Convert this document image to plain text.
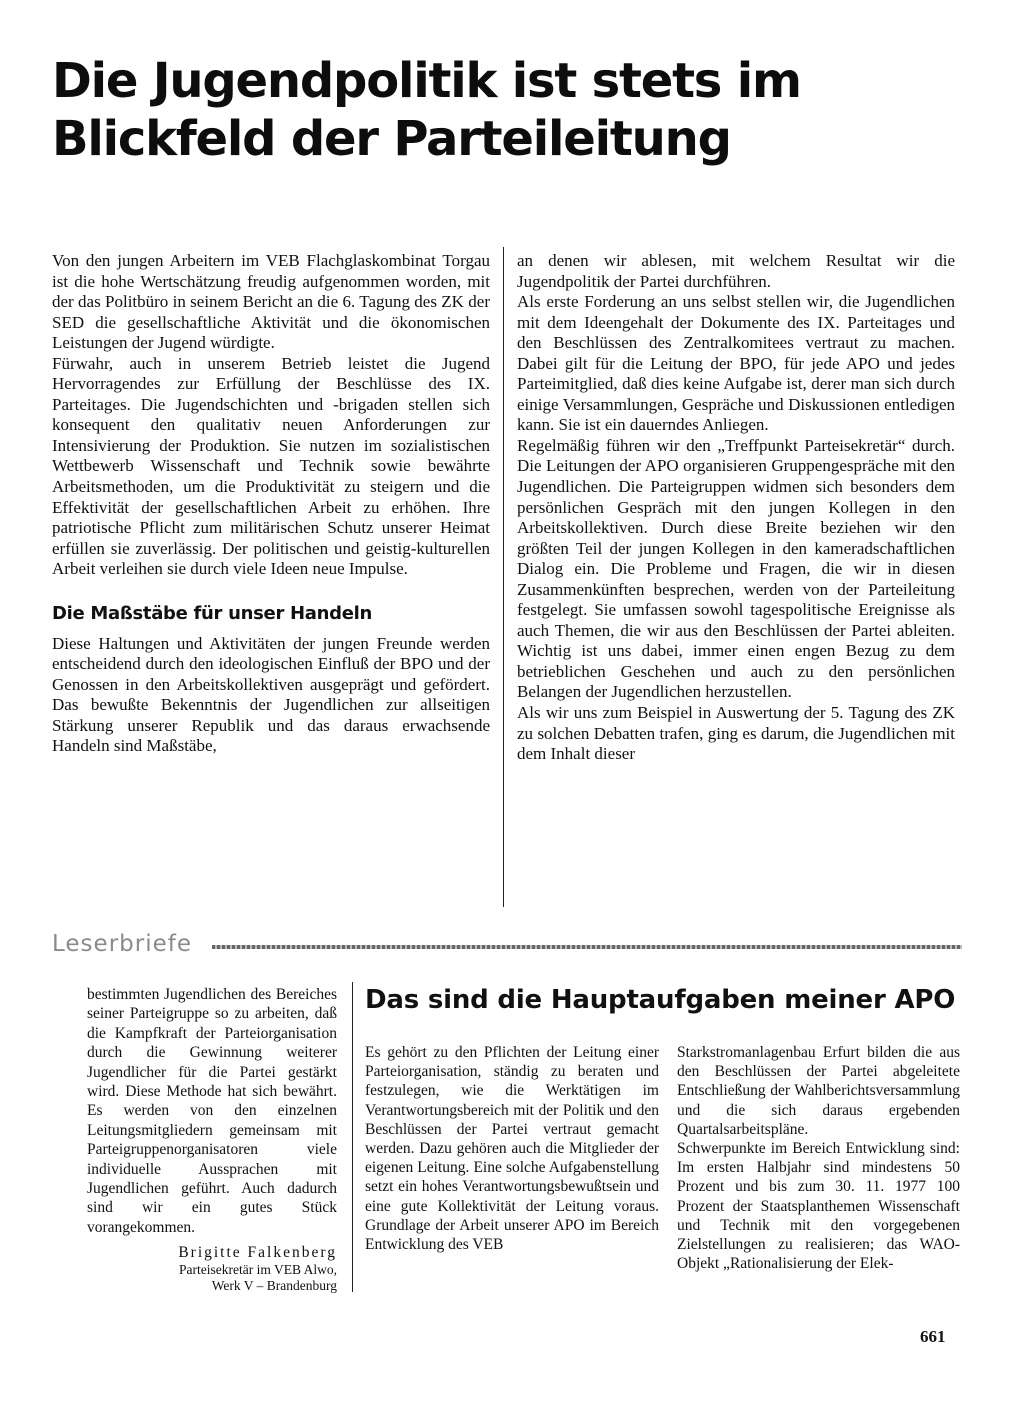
Die Jugendpolitik ist stets im Blickfeld der Parteileitung

Von den jungen Arbeitern im VEB Flachglaskombinat Torgau ist die hohe Wertschätzung freudig aufgenommen worden, mit der das Politbüro in seinem Bericht an die 6. Tagung des ZK der SED die gesellschaftliche Aktivität und die ökonomischen Leistungen der Jugend würdigte.

Fürwahr, auch in unserem Betrieb leistet die Jugend Hervorragendes zur Erfüllung der Beschlüsse des IX. Parteitages. Die Jugendschichten und -brigaden stellen sich konsequent den qualitativ neuen Anforderungen zur Intensivierung der Produktion. Sie nutzen im sozialistischen Wettbewerb Wissenschaft und Technik sowie bewährte Arbeitsmethoden, um die Produktivität zu steigern und die Effektivität der gesellschaftlichen Arbeit zu erhöhen. Ihre patriotische Pflicht zum militärischen Schutz unserer Heimat erfüllen sie zuverlässig. Der politischen und geistig-kulturellen Arbeit verleihen sie durch viele Ideen neue Impulse.

Die Maßstäbe für unser Handeln

Diese Haltungen und Aktivitäten der jungen Freunde werden entscheidend durch den ideologischen Einfluß der BPO und der Genossen in den Arbeitskollektiven ausgeprägt und gefördert. Das bewußte Bekenntnis der Jugendlichen zur allseitigen Stärkung unserer Republik und das daraus erwachsende Handeln sind Maßstäbe,

an denen wir ablesen, mit welchem Resultat wir die Jugendpolitik der Partei durchführen.

Als erste Forderung an uns selbst stellen wir, die Jugendlichen mit dem Ideengehalt der Dokumente des IX. Parteitages und den Beschlüssen des Zentralkomitees vertraut zu machen. Dabei gilt für die Leitung der BPO, für jede APO und jedes Parteimitglied, daß dies keine Aufgabe ist, derer man sich durch einige Versammlungen, Gespräche und Diskussionen entledigen kann. Sie ist ein dauerndes Anliegen.

Regelmäßig führen wir den „Treffpunkt Parteisekretär“ durch. Die Leitungen der APO organisieren Gruppengespräche mit den Jugendlichen. Die Parteigruppen widmen sich besonders dem persönlichen Gespräch mit den jungen Kollegen in den Arbeitskollektiven. Durch diese Breite beziehen wir den größten Teil der jungen Kollegen in den kameradschaftlichen Dialog ein. Die Probleme und Fragen, die wir in diesen Zusammenkünften besprechen, werden von der Parteileitung festgelegt. Sie umfassen sowohl tagespolitische Ereignisse als auch Themen, die wir aus den Beschlüssen der Partei ableiten. Wichtig ist uns dabei, immer einen engen Bezug zu dem betrieblichen Geschehen und auch zu den persönlichen Belangen der Jugendlichen herzustellen.

Als wir uns zum Beispiel in Auswertung der 5. Tagung des ZK zu solchen Debatten trafen, ging es darum, die Jugendlichen mit dem Inhalt dieser

Leserbriefe

bestimmten Jugendlichen des Bereiches seiner Parteigruppe so zu arbeiten, daß die Kampfkraft der Parteiorganisation durch die Gewinnung weiterer Jugendlicher für die Partei gestärkt wird. Diese Methode hat sich bewährt. Es werden von den einzelnen Leitungsmitgliedern gemeinsam mit Parteigruppenorganisatoren viele individuelle Aussprachen mit Jugendlichen geführt. Auch dadurch sind wir ein gutes Stück vorangekommen.

Brigitte Falkenberg
Parteisekretär im VEB Alwo,
Werk V – Brandenburg
Das sind die Hauptaufgaben meiner APO

Es gehört zu den Pflichten der Leitung einer Parteiorganisation, ständig zu beraten und festzulegen, wie die Werktätigen im Verantwortungsbereich mit der Politik und den Beschlüssen der Partei vertraut gemacht werden. Dazu gehören auch die Mitglieder der eigenen Leitung. Eine solche Aufgabenstellung setzt ein hohes Verantwortungsbewußtsein und eine gute Kollektivität der Leitung voraus. Grundlage der Arbeit unserer APO im Bereich Entwicklung des VEB

Starkstromanlagenbau Erfurt bilden die aus den Beschlüssen der Partei abgeleitete Entschließung der Wahlberichtsversammlung und die sich daraus ergebenden Quartalsarbeitspläne.

Schwerpunkte im Bereich Entwicklung sind: Im ersten Halbjahr sind mindestens 50 Prozent und bis zum 30. 11. 1977 100 Prozent der Staatsplanthemen Wissenschaft und Technik mit den vorgegebenen Zielstellungen zu realisieren; das WAO-Objekt „Rationalisierung der Elek-

661
